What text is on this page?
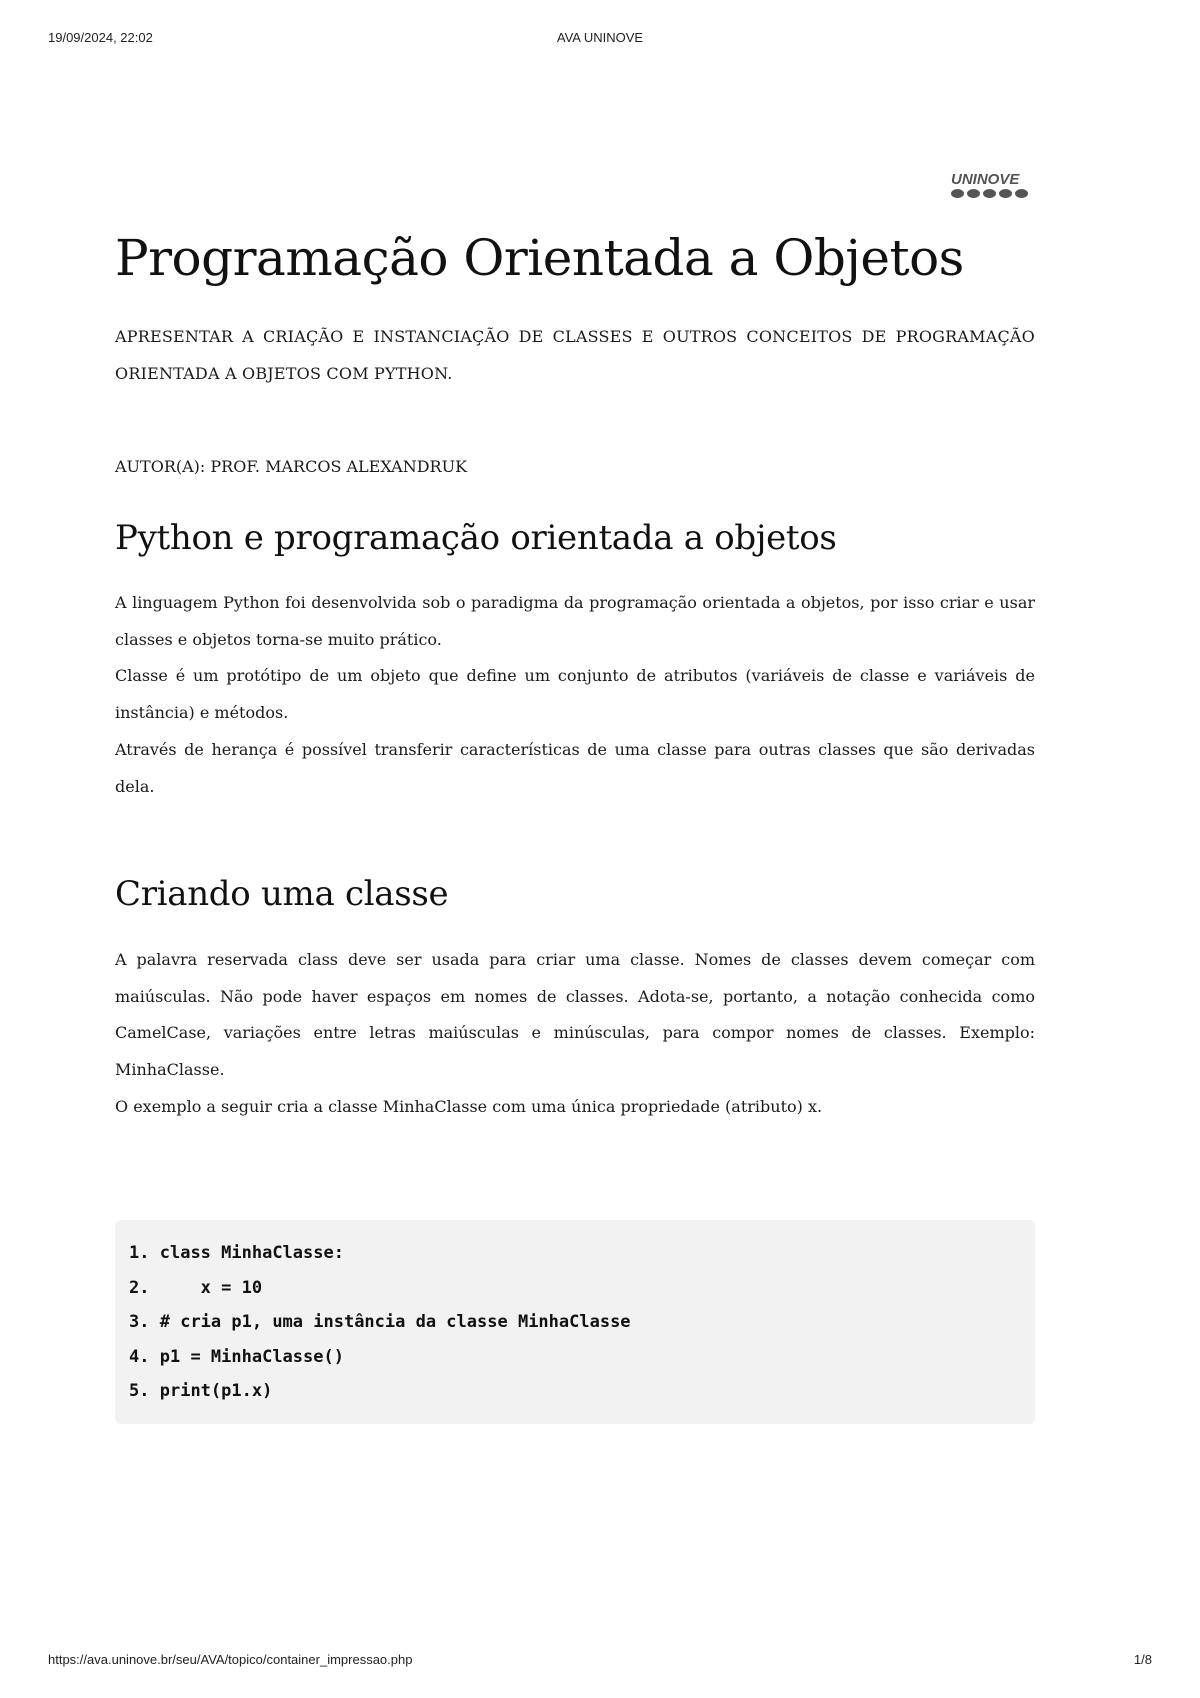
19/09/2024, 22:02	AVA UNINOVE
UNINOVE
Programação Orientada a Objetos

APRESENTAR A CRIAÇÃO E INSTANCIAÇÃO DE CLASSES E OUTROS CONCEITOS DE PROGRAMAÇÃO ORIENTADA A OBJETOS COM PYTHON.

AUTOR(A): PROF. MARCOS ALEXANDRUK

Python e programação orientada a objetos

A linguagem Python foi desenvolvida sob o paradigma da programação orientada a objetos, por isso criar e usar classes e objetos torna-se muito prático.

Classe é um protótipo de um objeto que define um conjunto de atributos (variáveis de classe e variáveis de instância) e métodos.

Através de herança é possível transferir características de uma classe para outras classes que são derivadas dela.

Criando uma classe

A palavra reservada class deve ser usada para criar uma classe. Nomes de classes devem começar com maiúsculas. Não pode haver espaços em nomes de classes. Adota-se, portanto, a notação conhecida como CamelCase, variações entre letras maiúsculas e minúsculas, para compor nomes de classes. Exemplo: MinhaClasse.

O exemplo a seguir cria a classe MinhaClasse com uma única propriedade (atributo) x.

1. class MinhaClasse:
2.     x = 10
3. # cria p1, uma instância da classe MinhaClasse
4. p1 = MinhaClasse()
5. print(p1.x)
https://ava.uninove.br/seu/AVA/topico/container_impressao.php	1/8
